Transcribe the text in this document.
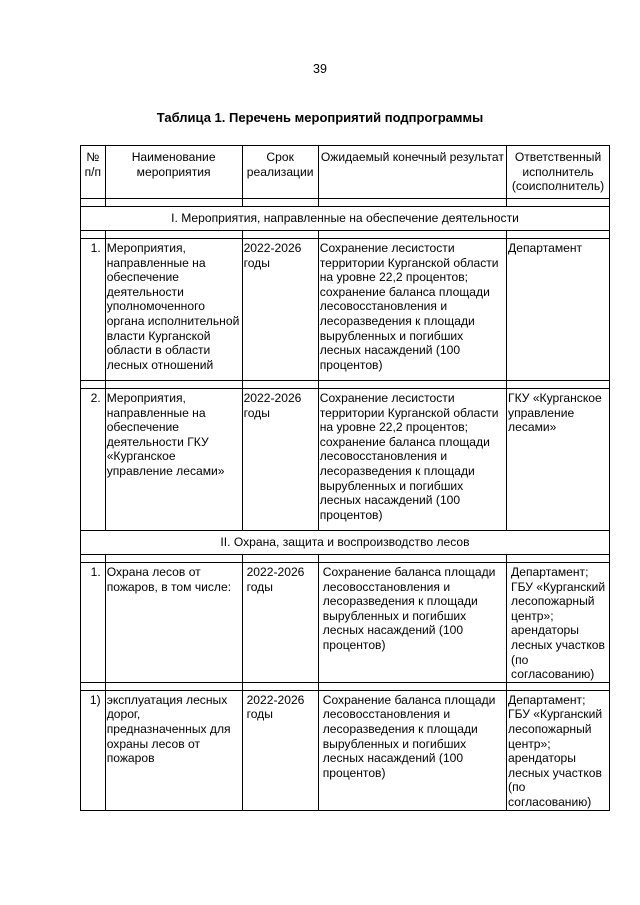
39
Таблица 1. Перечень мероприятий подпрограммы
№ п/п	Наименование мероприятия	Срок реализации	Ожидаемый конечный результат	Ответственный исполнитель (соисполнитель)

I. Мероприятия, направленные на обеспечение деятельности				

1.	Мероприятия, направленные на обеспечение деятельности уполномоченного органа исполнительной власти Курганской области в области лесных отношений	2022-2026 годы	Сохранение лесистости территории Курганской области на уровне 22,2 процентов; сохранение баланса площади лесовосстановления и лесоразведения к площади вырубленных и погибших лесных насаждений (100 процентов)	Департамент

2.	Мероприятия, направленные на обеспечение деятельности ГКУ «Курганское управление лесами»	2022-2026 годы	Сохранение лесистости территории Курганской области на уровне 22,2 процентов; сохранение баланса площади лесовосстановления и лесоразведения к площади вырубленных и погибших лесных насаждений (100 процентов)	ГКУ «Курганское управление лесами»
II. Охрана, защита и воспроизводство лесов				

1.	Охрана лесов от пожаров, в том числе:	2022-2026 годы	Сохранение баланса площади лесовосстановления и лесоразведения к площади вырубленных и погибших лесных насаждений (100 процентов)	Департамент; ГБУ «Курганский лесопожарный центр»; арендаторы лесных участков (по согласованию)

1)	эксплуатация лесных дорог, предназначенных для охраны лесов от пожаров	2022-2026 годы	Сохранение баланса площади лесовосстановления и лесоразведения к площади вырубленных и погибших лесных насаждений (100 процентов)	Департамент; ГБУ «Курганский лесопожарный центр»; арендаторы лесных участков (по согласованию)
